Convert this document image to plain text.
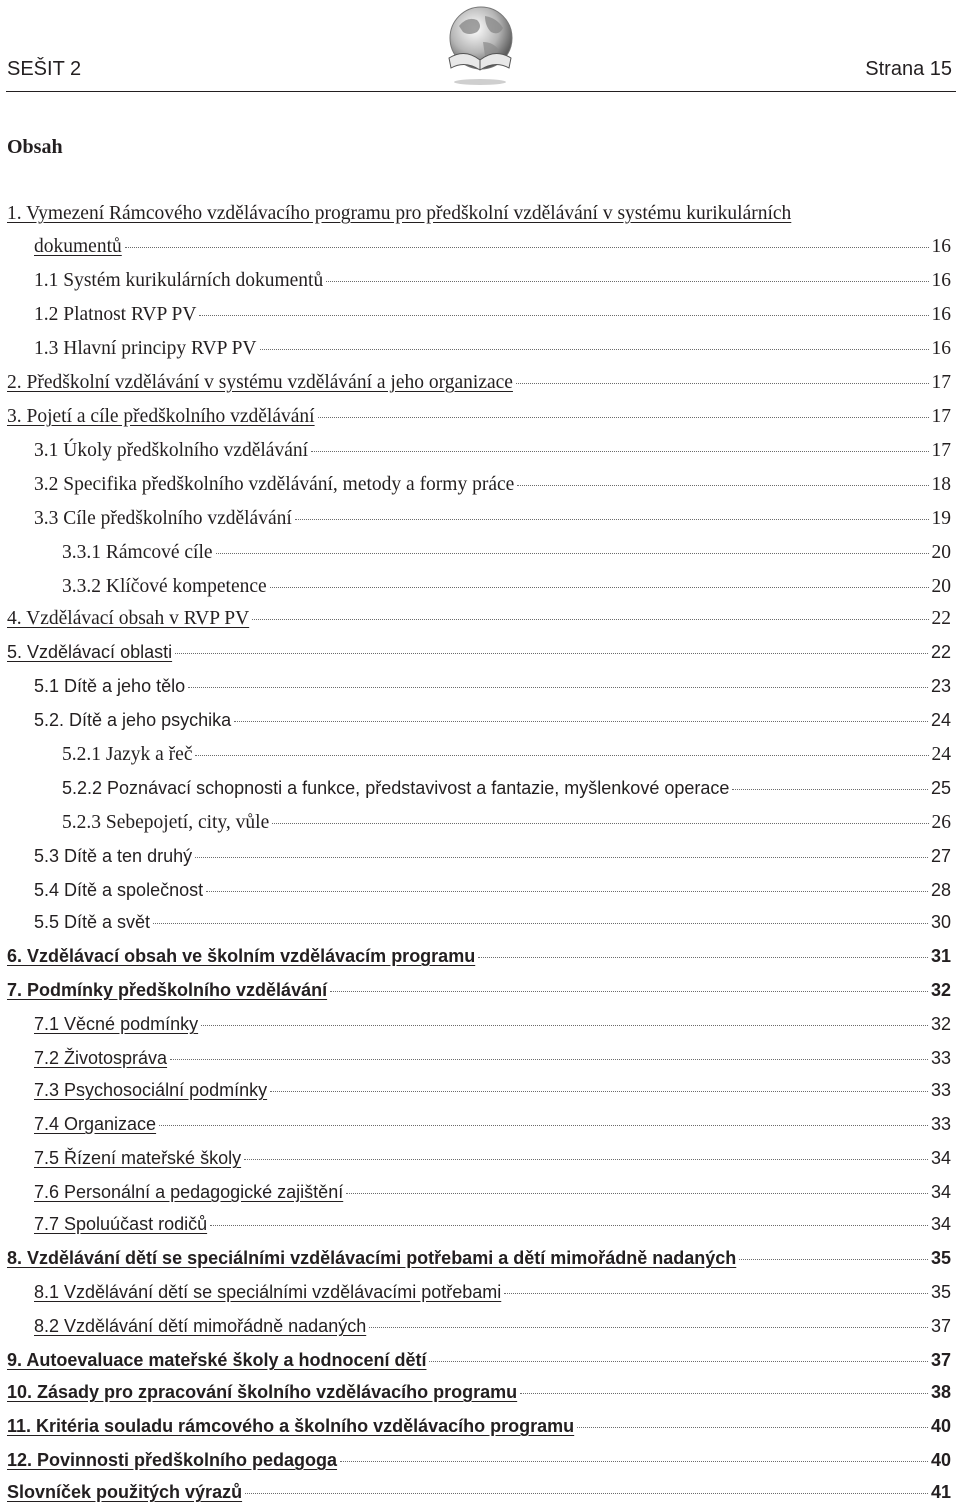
SEŠIT 2	Strana 15
Obsah
1. Vymezení Rámcového vzdělávacího programu pro předškolní vzdělávání v systému kurikulárních
dokumentů	16
1.1 Systém kurikulárních dokumentů	16
1.2 Platnost RVP PV	16
1.3 Hlavní principy RVP PV	16
2. Předškolní vzdělávání v systému vzdělávání a jeho organizace	17
3. Pojetí a cíle předškolního vzdělávání	17
3.1 Úkoly předškolního vzdělávání	17
3.2 Specifika předškolního vzdělávání, metody a formy práce	18
3.3 Cíle předškolního vzdělávání	19
3.3.1 Rámcové cíle	20
3.3.2 Klíčové kompetence	20
4. Vzdělávací obsah v RVP PV	22
5. Vzdělávací oblasti	22
5.1 Dítě a jeho tělo	23
5.2. Dítě a jeho psychika	24
5.2.1 Jazyk a řeč	24
5.2.2 Poznávací schopnosti a funkce, představivost a fantazie, myšlenkové operace	25
5.2.3 Sebepojetí, city, vůle	26
5.3 Dítě a ten druhý	27
5.4 Dítě a společnost	28
5.5 Dítě a svět	30
6. Vzdělávací obsah ve školním vzdělávacím programu	31
7. Podmínky předškolního vzdělávání	32
7.1 Věcné podmínky	32
7.2 Životospráva	33
7.3 Psychosociální podmínky	33
7.4 Organizace	33
7.5 Řízení mateřské školy	34
7.6 Personální a pedagogické zajištění	34
7.7 Spoluúčast rodičů	34
8. Vzdělávání dětí se speciálními vzdělávacími potřebami a dětí mimořádně nadaných	35
8.1 Vzdělávání dětí se speciálními vzdělávacími potřebami	35
8.2 Vzdělávání dětí mimořádně nadaných	37
9. Autoevaluace mateřské školy a hodnocení dětí	37
10. Zásady pro zpracování školního vzdělávacího programu	38
11. Kritéria souladu rámcového a školního vzdělávacího programu	40
12. Povinnosti předškolního pedagoga	40
Slovníček použitých výrazů	41
